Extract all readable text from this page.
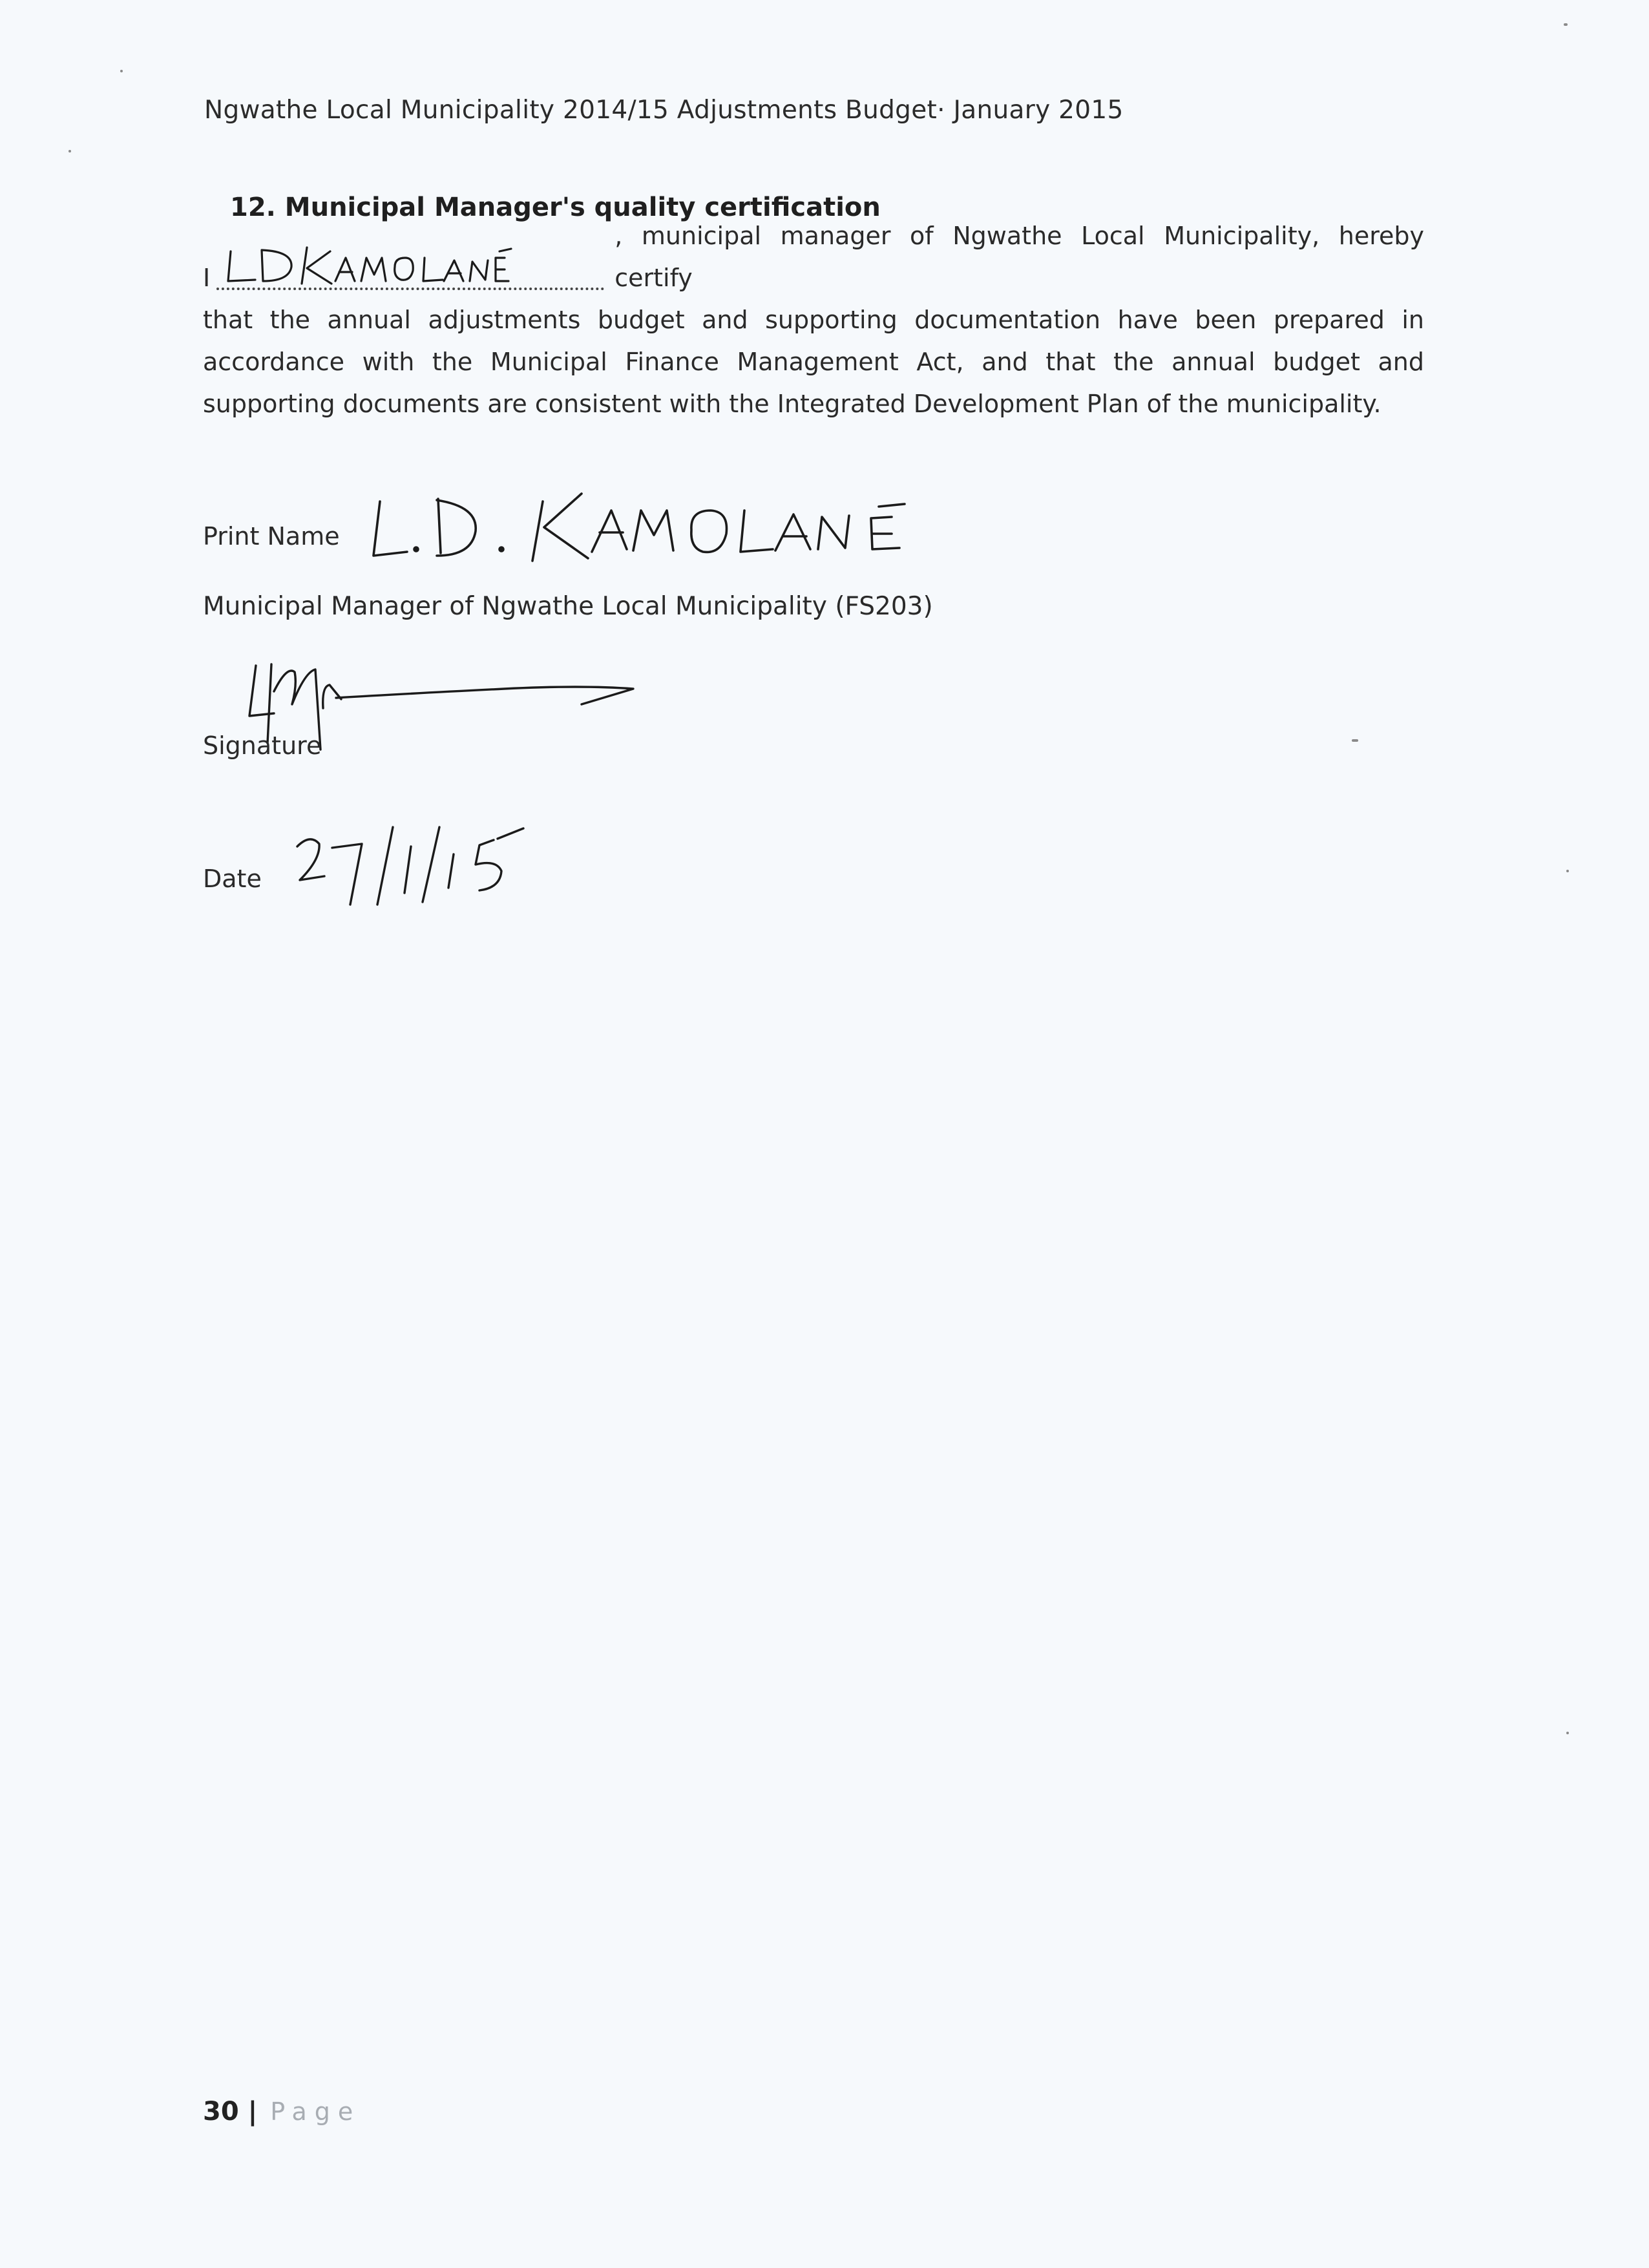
Ngwathe Local Municipality 2014/15 Adjustments Budget· January 2015
12. Municipal Manager's quality certification
I
, municipal manager of Ngwathe Local Municipality, hereby certify
that the annual adjustments budget and supporting documentation have been prepared in accordance with the Municipal Finance Management Act, and that the annual budget and supporting documents are consistent with the Integrated Development Plan of the municipality.
Print Name
Municipal Manager of Ngwathe Local Municipality (FS203)
Signature
Date
30 | Page
